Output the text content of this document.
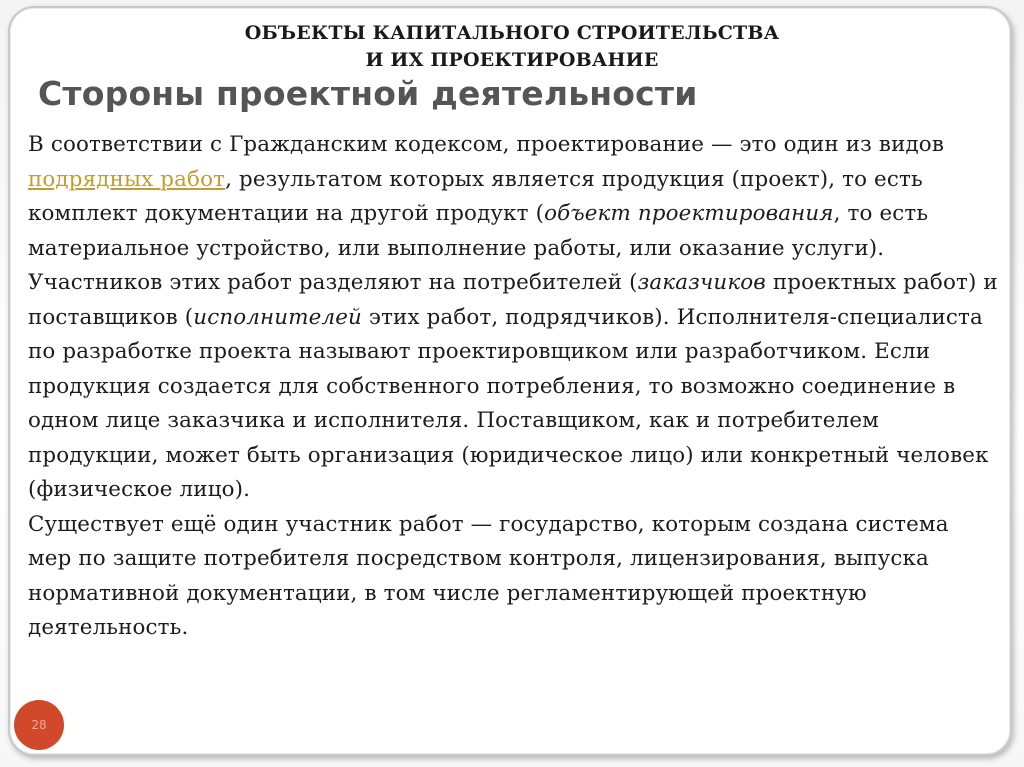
ОБЪЕКТЫ КАПИТАЛЬНОГО СТРОИТЕЛЬСТВА
И ИХ ПРОЕКТИРОВАНИЕ
Стороны проектной деятельности
28

В соответствии с Гражданским кодексом, проектирование — это один из видов подрядных работ, результатом которых является продукция (проект), то есть комплект документации на другой продукт (объект проектирования, то есть материальное устройство, или выполнение работы, или оказание услуги).

Участников этих работ разделяют на потребителей (заказчиков проектных работ) и поставщиков (исполнителей этих работ, подрядчиков). Исполнителя-специалиста по разработке проекта называют проектировщиком или разработчиком. Если продукция создается для собственного потребления, то возможно соединение в одном лице заказчика и исполнителя. Поставщиком, как и потребителем продукции, может быть организация (юридическое лицо) или конкретный человек (физическое лицо).

Существует ещё один участник работ — государство, которым создана система мер по защите потребителя посредством контроля, лицензирования, выпуска нормативной документации, в том числе регламентирующей проектную деятельность.
